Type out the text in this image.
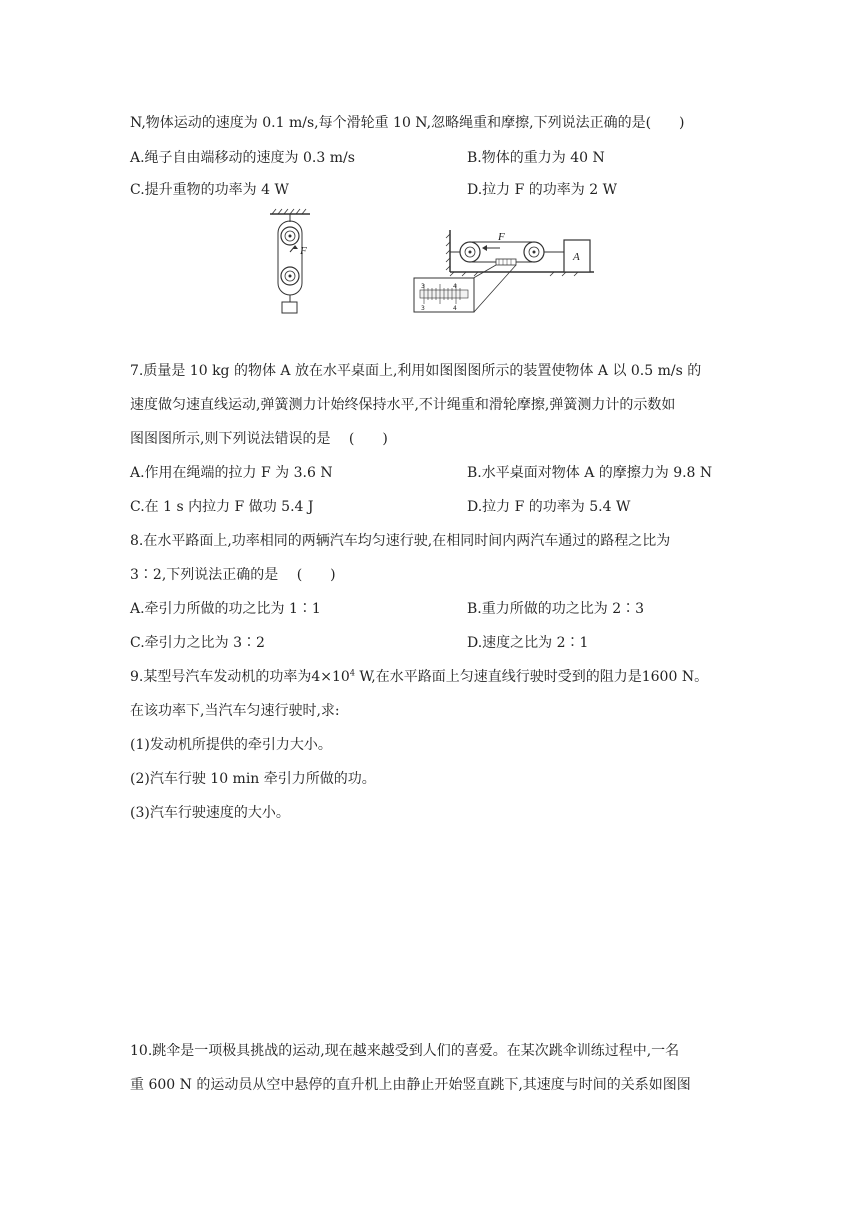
N,物体运动的速度为 0.1 m/s,每个滑轮重 10 N,忽略绳重和摩擦,下列说法正确的是(　　)
A.绳子自由端移动的速度为 0.3 m/s	B.物体的重力为 40 N
C.提升重物的功率为 4 W	D.拉力 F 的功率为 2 W
F
F
A
3
3
4
4
7.质量是 10 kg 的物体 A 放在水平桌面上,利用如图图图所示的装置使物体 A 以 0.5 m/s 的
速度做匀速直线运动,弹簧测力计始终保持水平,不计绳重和滑轮摩擦,弹簧测力计的示数如
图图图所示,则下列说法错误的是　 (　　)
A.作用在绳端的拉力 F 为 3.6 N	B.水平桌面对物体 A 的摩擦力为 9.8 N
C.在 1 s 内拉力 F 做功 5.4 J	D.拉力 F 的功率为 5.4 W
8.在水平路面上,功率相同的两辆汽车均匀速行驶,在相同时间内两汽车通过的路程之比为
3∶2,下列说法正确的是　 (　　)
A.牵引力所做的功之比为 1∶1	B.重力所做的功之比为 2∶3
C.牵引力之比为 3∶2	D.速度之比为 2∶1
9.某型号汽车发动机的功率为$4\times 10^4$ W,在水平路面上匀速直线行驶时受到的阻力是1600 N。
在该功率下,当汽车匀速行驶时,求:
(1)发动机所提供的牵引力大小。
(2)汽车行驶 10 min 牵引力所做的功。
(3)汽车行驶速度的大小。
10.跳伞是一项极具挑战的运动,现在越来越受到人们的喜爱。在某次跳伞训练过程中,一名
重 600 N 的运动员从空中悬停的直升机上由静止开始竖直跳下,其速度与时间的关系如图图
